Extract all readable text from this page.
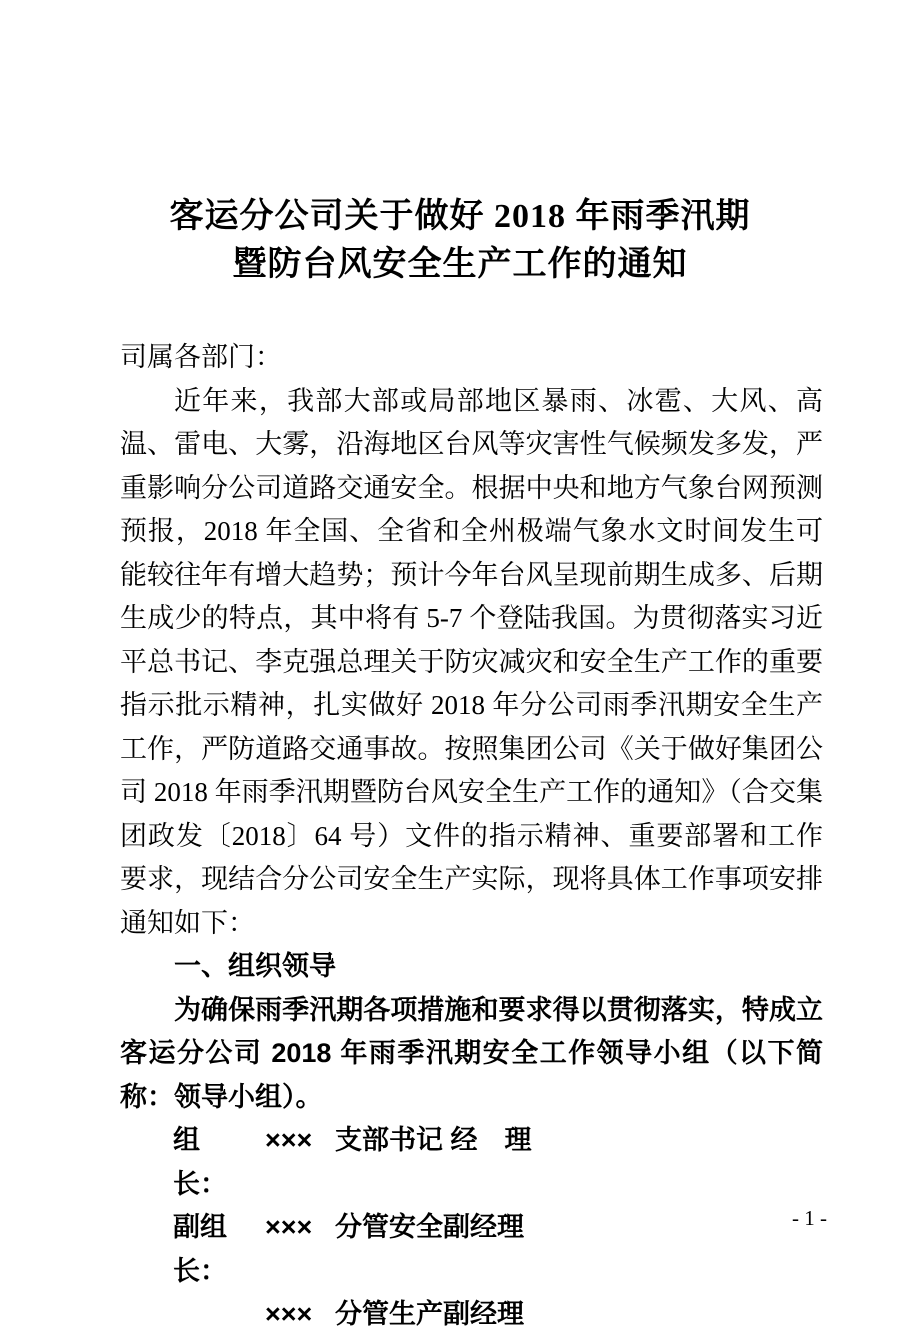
客运分公司关于做好 2018 年雨季汛期
暨防台风安全生产工作的通知

司属各部门：

近年来，我部大部或局部地区暴雨、冰雹、大风、高温、雷电、大雾，沿海地区台风等灾害性气候频发多发，严重影响分公司道路交通安全。根据中央和地方气象台网预测预报，2018 年全国、全省和全州极端气象水文时间发生可能较往年有增大趋势；预计今年台风呈现前期生成多、后期生成少的特点，其中将有 5-7 个登陆我国。为贯彻落实习近平总书记、李克强总理关于防灾减灾和安全生产工作的重要指示批示精神，扎实做好 2018 年分公司雨季汛期安全生产工作，严防道路交通事故。按照集团公司《关于做好集团公司 2018 年雨季汛期暨防台风安全生产工作的通知》（合交集团政发〔2018〕64 号）文件的指示精神、重要部署和工作要求，现结合分公司安全生产实际，现将具体工作事项安排通知如下：

一、组织领导

为确保雨季汛期各项措施和要求得以贯彻落实，特成立客运分公司 2018 年雨季汛期安全工作领导小组（以下简称：领导小组）。

组　长：
××× 支部书记 经　理
副组长：
××× 分管安全副经理
××× 分管生产副经理
- 1 -
